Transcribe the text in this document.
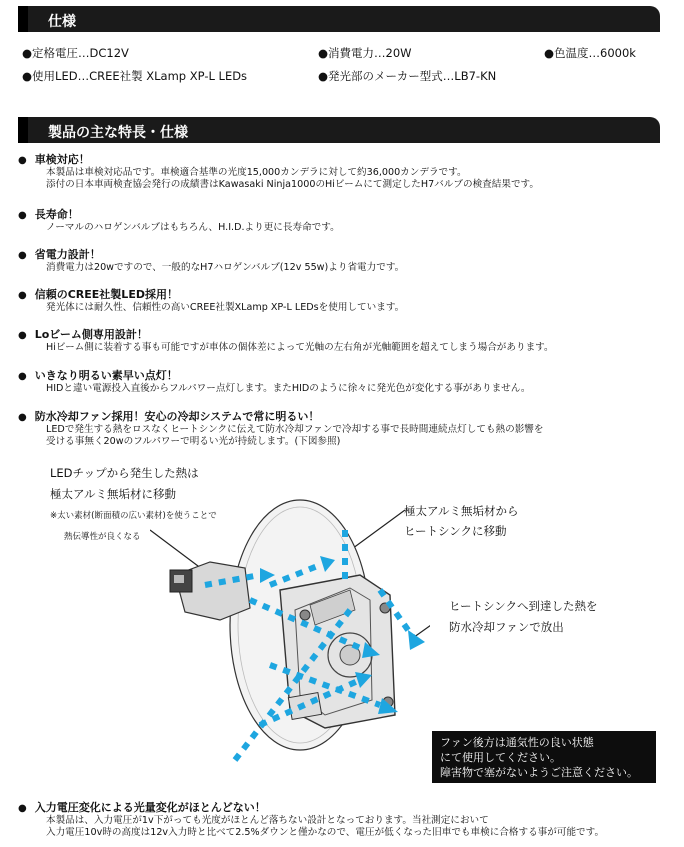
仕様
●定格電圧…DC12V	●消費電力…20W	●色温度…6000k
●使用LED…CREE社製 XLamp XP-L LEDs	●発光部のメーカー型式…LB7-KN
製品の主な特長・仕様
● 車検対応！
本製品は車検対応品です。車検適合基準の光度15,000カンデラに対して約36,000カンデラです。
添付の日本車両検査協会発行の成績書はKawasaki Ninja1000のHiビームにて測定したH7バルブの検査結果です。
● 長寿命！
ノーマルのハロゲンバルブはもちろん、H.I.D.より更に長寿命です。
● 省電力設計！
消費電力は20wですので、一般的なH7ハロゲンバルブ(12v 55w)より省電力です。
● 信頼のCREE社製LED採用！
発光体には耐久性、信頼性の高いCREE社製XLamp XP-L LEDsを使用しています。
● Loビーム側専用設計！
Hiビーム側に装着する事も可能ですが車体の個体差によって光軸の左右角が光軸範囲を超えてしまう場合があります。
● いきなり明るい素早い点灯！
HIDと違い電源投入直後からフルパワー点灯します。またHIDのように徐々に発光色が変化する事がありません。
● 防水冷却ファン採用！安心の冷却システムで常に明るい！
LEDで発生する熱をロスなくヒートシンクに伝えて防水冷却ファンで冷却する事で長時間連続点灯しても熱の影響を
受ける事無く20wのフルパワーで明るい光が持続します。(下図参照)
LEDチップから発生した熱は
極太アルミ無垢材に移動
※太い素材(断面積の広い素材)を使うことで
熱伝導性が良くなる
極太アルミ無垢材から
ヒートシンクに移動
ヒートシンクへ到達した熱を
防水冷却ファンで放出
ファン後方は通気性の良い状態
にて使用してください。
障害物で塞がないようご注意ください。
● 入力電圧変化による光量変化がほとんどない！
本製品は、入力電圧が1v下がっても光度がほとんど落ちない設計となっております。当社測定において
入力電圧10v時の高度は12v入力時と比べて2.5%ダウンと僅かなので、電圧が低くなった旧車でも車検に合格する事が可能です。
